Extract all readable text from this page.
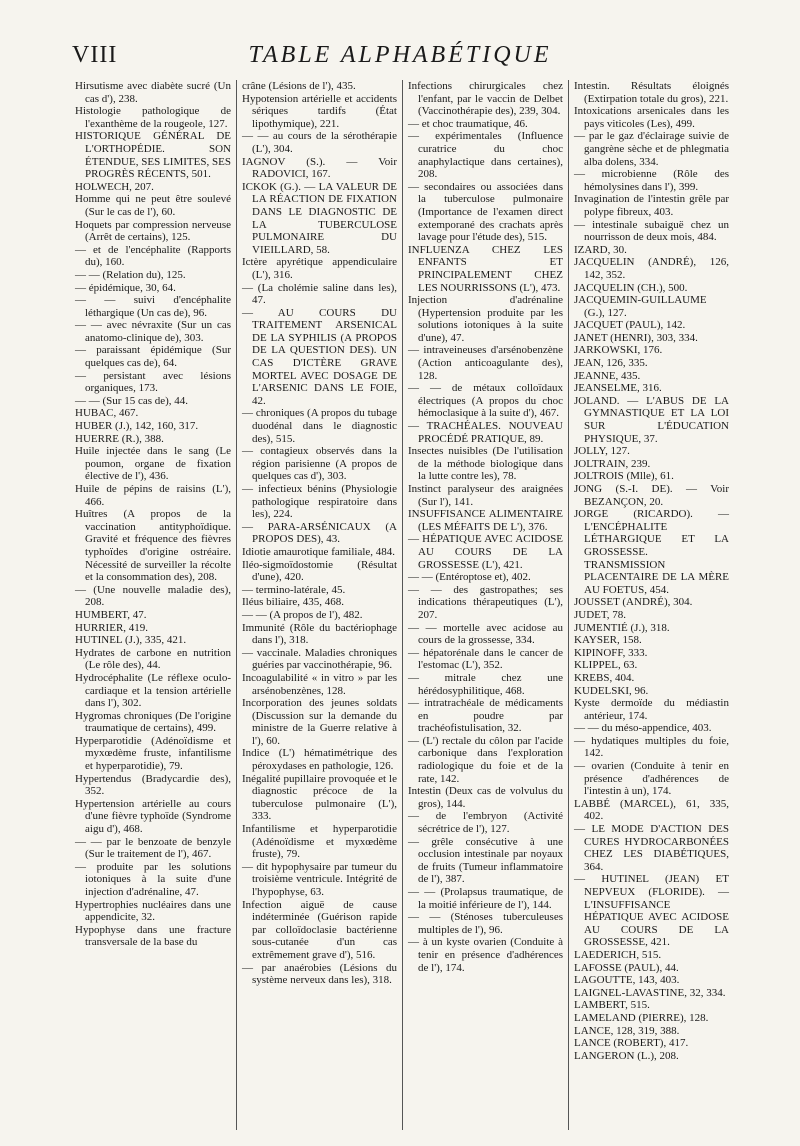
VIII	TABLE ALPHABÉTIQUE

Hirsutisme avec diabète sucré (Un cas d'), 238.

Histologie pathologique de l'exanthème de la rougeole, 127.

HISTORIQUE GÉNÉRAL DE L'ORTHOPÉDIE. SON ÉTENDUE, SES LIMITES, SES PROGRÈS RÉCENTS, 501.

HOLWECH, 207.

Homme qui ne peut être soulevé (Sur le cas de l'), 60.

Hoquets par compression nerveuse (Arrêt de certains), 125.

— et de l'encéphalite (Rapports du), 160.

— — (Relation du), 125.

— épidémique, 30, 64.

— — suivi d'encéphalite léthargique (Un cas de), 96.

— — avec névraxite (Sur un cas anatomo-clinique de), 303.

— paraissant épidémique (Sur quelques cas de), 64.

— persistant avec lésions organiques, 173.

— — (Sur 15 cas de), 44.

HUBAC, 467.

HUBER (J.), 142, 160, 317.

HUERRE (R.), 388.

Huile injectée dans le sang (Le poumon, organe de fixation élective de l'), 436.

Huile de pépins de raisins (L'), 466.

Huîtres (A propos de la vaccination antityphoïdique. Gravité et fréquence des fièvres typhoïdes d'origine ostréaire. Nécessité de surveiller la récolte et la consommation des), 208.

— (Une nouvelle maladie des), 208.

HUMBERT, 47.

HURRIER, 419.

HUTINEL (J.), 335, 421.

Hydrates de carbone en nutrition (Le rôle des), 44.

Hydrocéphalite (Le réflexe oculo-cardiaque et la tension artérielle dans l'), 302.

Hygromas chroniques (De l'origine traumatique de certains), 499.

Hyperparotidie (Adénoïdisme et myxœdème fruste, infantilisme et hyperparotidie), 79.

Hypertendus (Bradycardie des), 352.

Hypertension artérielle au cours d'une fièvre typhoïde (Syndrome aigu d'), 468.

— — par le benzoate de benzyle (Sur le traitement de l'), 467.

— produite par les solutions iotoniques à la suite d'une injection d'adrénaline, 47.

Hypertrophies nucléaires dans une appendicite, 32.

Hypophyse dans une fracture transversale de la base du

crâne (Lésions de l'), 435.

Hypotension artérielle et accidents sériques tardifs (État lipothymique), 221.

— — au cours de la sérothérapie (L'), 304.

IAGNOV (S.). — Voir RADOVICI, 167.

ICKOK (G.). — LA VALEUR DE LA RÉACTION DE FIXATION DANS LE DIAGNOSTIC DE LA TUBERCULOSE PULMONAIRE DU VIEILLARD, 58.

Ictère apyrétique appendiculaire (L'), 316.

— (La cholémie saline dans les), 47.

— AU COURS DU TRAITEMENT ARSENICAL DE LA SYPHILIS (A PROPOS DE LA QUESTION DES). UN CAS D'ICTÈRE GRAVE MORTEL AVEC DOSAGE DE L'ARSENIC DANS LE FOIE, 42.

— chroniques (A propos du tubage duodénal dans le diagnostic des), 515.

— contagieux observés dans la région parisienne (A propos de quelques cas d'), 303.

— infectieux bénins (Physiologie pathologique respiratoire dans les), 224.

— PARA-ARSÉNICAUX (A PROPOS DES), 43.

Idiotie amaurotique familiale, 484.

Iléo-sigmoïdostomie (Résultat d'une), 420.

— termino-latérale, 45.

Iléus biliaire, 435, 468.

— — (A propos de l'), 482.

Immunité (Rôle du bactériophage dans l'), 318.

— vaccinale. Maladies chroniques guéries par vaccinothérapie, 96.

Incoagulabilité « in vitro » par les arsénobenzènes, 128.

Incorporation des jeunes soldats (Discussion sur la demande du ministre de la Guerre relative à l'), 60.

Indice (L') hématimétrique des péroxydases en pathologie, 126.

Inégalité pupillaire provoquée et le diagnostic précoce de la tuberculose pulmonaire (L'), 333.

Infantilisme et hyperparotidie (Adénoïdisme et myxœdème fruste), 79.

— dit hypophysaire par tumeur du troisième ventricule. Intégrité de l'hypophyse, 63.

Infection aiguë de cause indéterminée (Guérison rapide par colloïdoclasie bactérienne sous-cutanée d'un cas extrêmement grave d'), 516.

— par anaérobies (Lésions du système nerveux dans les), 318.

Infections chirurgicales chez l'enfant, par le vaccin de Delbet (Vaccinothérapie des), 239, 304.

— et choc traumatique, 46.

— expérimentales (Influence curatrice du choc anaphylactique dans certaines), 208.

— secondaires ou associées dans la tuberculose pulmonaire (Importance de l'examen direct extemporané des crachats après lavage pour l'étude des), 515.

INFLUENZA CHEZ LES ENFANTS ET PRINCIPALEMENT CHEZ LES NOURRISSONS (L'), 473.

Injection d'adrénaline (Hypertension produite par les solutions iotoniques à la suite d'une), 47.

— intraveineuses d'arsénobenzène (Action anticoagulante des), 128.

— — de métaux colloïdaux électriques (A propos du choc hémoclasique à la suite d'), 467.

— TRACHÉALES. NOUVEAU PROCÉDÉ PRATIQUE, 89.

Insectes nuisibles (De l'utilisation de la méthode biologique dans la lutte contre les), 78.

Instinct paralyseur des araignées (Sur l'), 141.

INSUFFISANCE ALIMENTAIRE (LES MÉFAITS DE L'), 376.

— HÉPATIQUE AVEC ACIDOSE AU COURS DE LA GROSSESSE (L'), 421.

— — (Entéroptose et), 402.

— — des gastropathes; ses indications thérapeutiques (L'), 207.

— — mortelle avec acidose au cours de la grossesse, 334.

— hépatorénale dans le cancer de l'estomac (L'), 352.

— mitrale chez une hérédosyphilitique, 468.

— intratrachéale de médicaments en poudre par trachéofistulisation, 32.

— (L') rectale du côlon par l'acide carbonique dans l'exploration radiologique du foie et de la rate, 142.

Intestin (Deux cas de volvulus du gros), 144.

— de l'embryon (Activité sécrétrice de l'), 127.

— grêle consécutive à une occlusion intestinale par noyaux de fruits (Tumeur inflammatoire de l'), 387.

— — (Prolapsus traumatique, de la moitié inférieure de l'), 144.

— — (Sténoses tuberculeuses multiples de l'), 96.

— à un kyste ovarien (Conduite à tenir en présence d'adhérences de l'), 174.

Intestin. Résultats éloignés (Extirpation totale du gros), 221.

Intoxications arsenicales dans les pays viticoles (Les), 499.

— par le gaz d'éclairage suivie de gangrène sèche et de phlegmatia alba dolens, 334.

— microbienne (Rôle des hémolysines dans l'), 399.

Invagination de l'intestin grêle par polype fibreux, 403.

— intestinale subaiguë chez un nourrisson de deux mois, 484.

IZARD, 30.

JACQUELIN (ANDRÉ), 126, 142, 352.

JACQUELIN (CH.), 500.

JACQUEMIN-GUILLAUME (G.), 127.

JACQUET (PAUL), 142.

JANET (HENRI), 303, 334.

JARKOWSKI, 176.

JEAN, 126, 335.

JEANNE, 435.

JEANSELME, 316.

JOLAND. — L'ABUS DE LA GYMNASTIQUE ET LA LOI SUR L'ÉDUCATION PHYSIQUE, 37.

JOLLY, 127.

JOLTRAIN, 239.

JOLTROIS (Mlle), 61.

JONG (S.-I. DE). — Voir BEZANÇON, 20.

JORGE (RICARDO). — L'ENCÉPHALITE LÉTHARGIQUE ET LA GROSSESSE. TRANSMISSION PLACENTAIRE DE LA MÈRE AU FOETUS, 454.

JOUSSET (ANDRÉ), 304.

JUDET, 78.

JUMENTIÉ (J.), 318.

KAYSER, 158.

KIPINOFF, 333.

KLIPPEL, 63.

KREBS, 404.

KUDELSKI, 96.

Kyste dermoïde du médiastin antérieur, 174.

— — du méso-appendice, 403.

— hydatiques multiples du foie, 142.

— ovarien (Conduite à tenir en présence d'adhérences de l'intestin à un), 174.

LABBÉ (MARCEL), 61, 335, 402.

— LE MODE D'ACTION DES CURES HYDROCARBONÉES CHEZ LES DIABÉTIQUES, 364.

— HUTINEL (JEAN) ET NEPVEUX (FLORIDE). — L'INSUFFISANCE HÉPATIQUE AVEC ACIDOSE AU COURS DE LA GROSSESSE, 421.

LAEDERICH, 515.

LAFOSSE (PAUL), 44.

LAGOUTTE, 143, 403.

LAIGNEL-LAVASTINE, 32, 334.

LAMBERT, 515.

LAMELAND (PIERRE), 128.

LANCE, 128, 319, 388.

LANCE (ROBERT), 417.

LANGERON (L.), 208.
